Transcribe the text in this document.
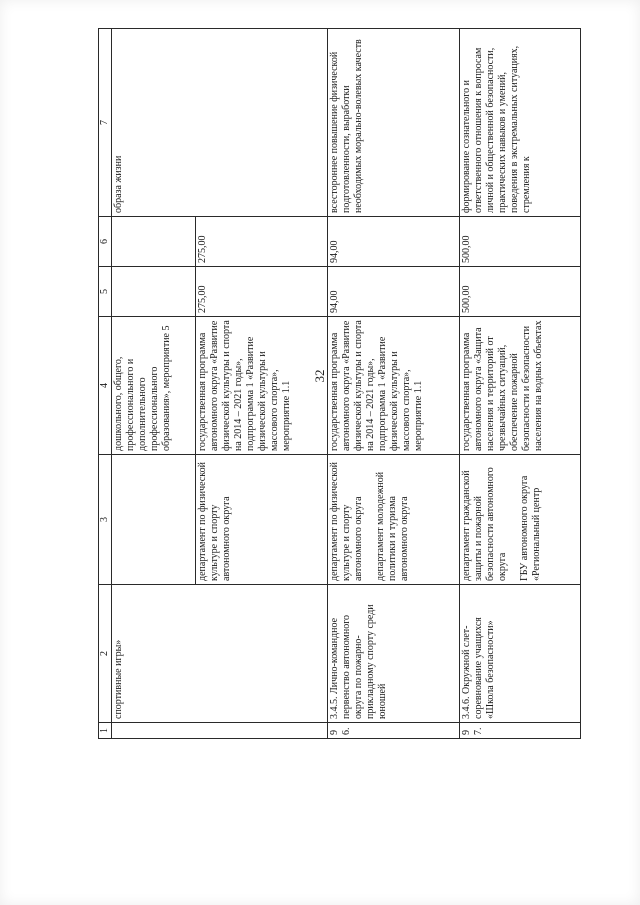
32
1	2	3	4	5	6	7
	спортивные игры»		дошкольного, общего, профессионального и дополнительного профессионального образования», мероприятие 5			образа жизни
		департамент по физической культуре и спорту автономного округа	государственная программа автономного округа «Развитие физической культуры и спорта на 2014 – 2021 годы», подпрограмма 1 «Развитие физической культуры и массового спорта», мероприятие 1.1	275,00	275,00	
96.	3.4.5. Лично-командное первенство автономного округа по пожарно-прикладному спорту среди юношей	департамент по физической культуре и спорту автономного округа департамент молодежной политики и туризма автономного округа	государственная программа автономного округа «Развитие физической культуры и спорта на 2014 – 2021 годы», подпрограмма 1 «Развитие физической культуры и массового спорта», мероприятие 1.1	94,00	94,00	всестороннее повышение физической подготовленности, выработки необходимых морально-волевых качеств
97.	3.4.6. Окружной слет-соревнование учащихся «Школа безопасности»	департамент гражданской защиты и пожарной безопасности автономного округа ГБУ автономного округа «Региональный центр	государственная программа автономного округа «Защита населения и территорий от чрезвычайных ситуаций, обеспечение пожарной безопасности и безопасности населения на водных объектах	500,00	500,00	формирование сознательного и ответственного отношения к вопросам личной и общественной безопасности, практических навыков и умений, поведения в экстремальных ситуациях, стремления к
